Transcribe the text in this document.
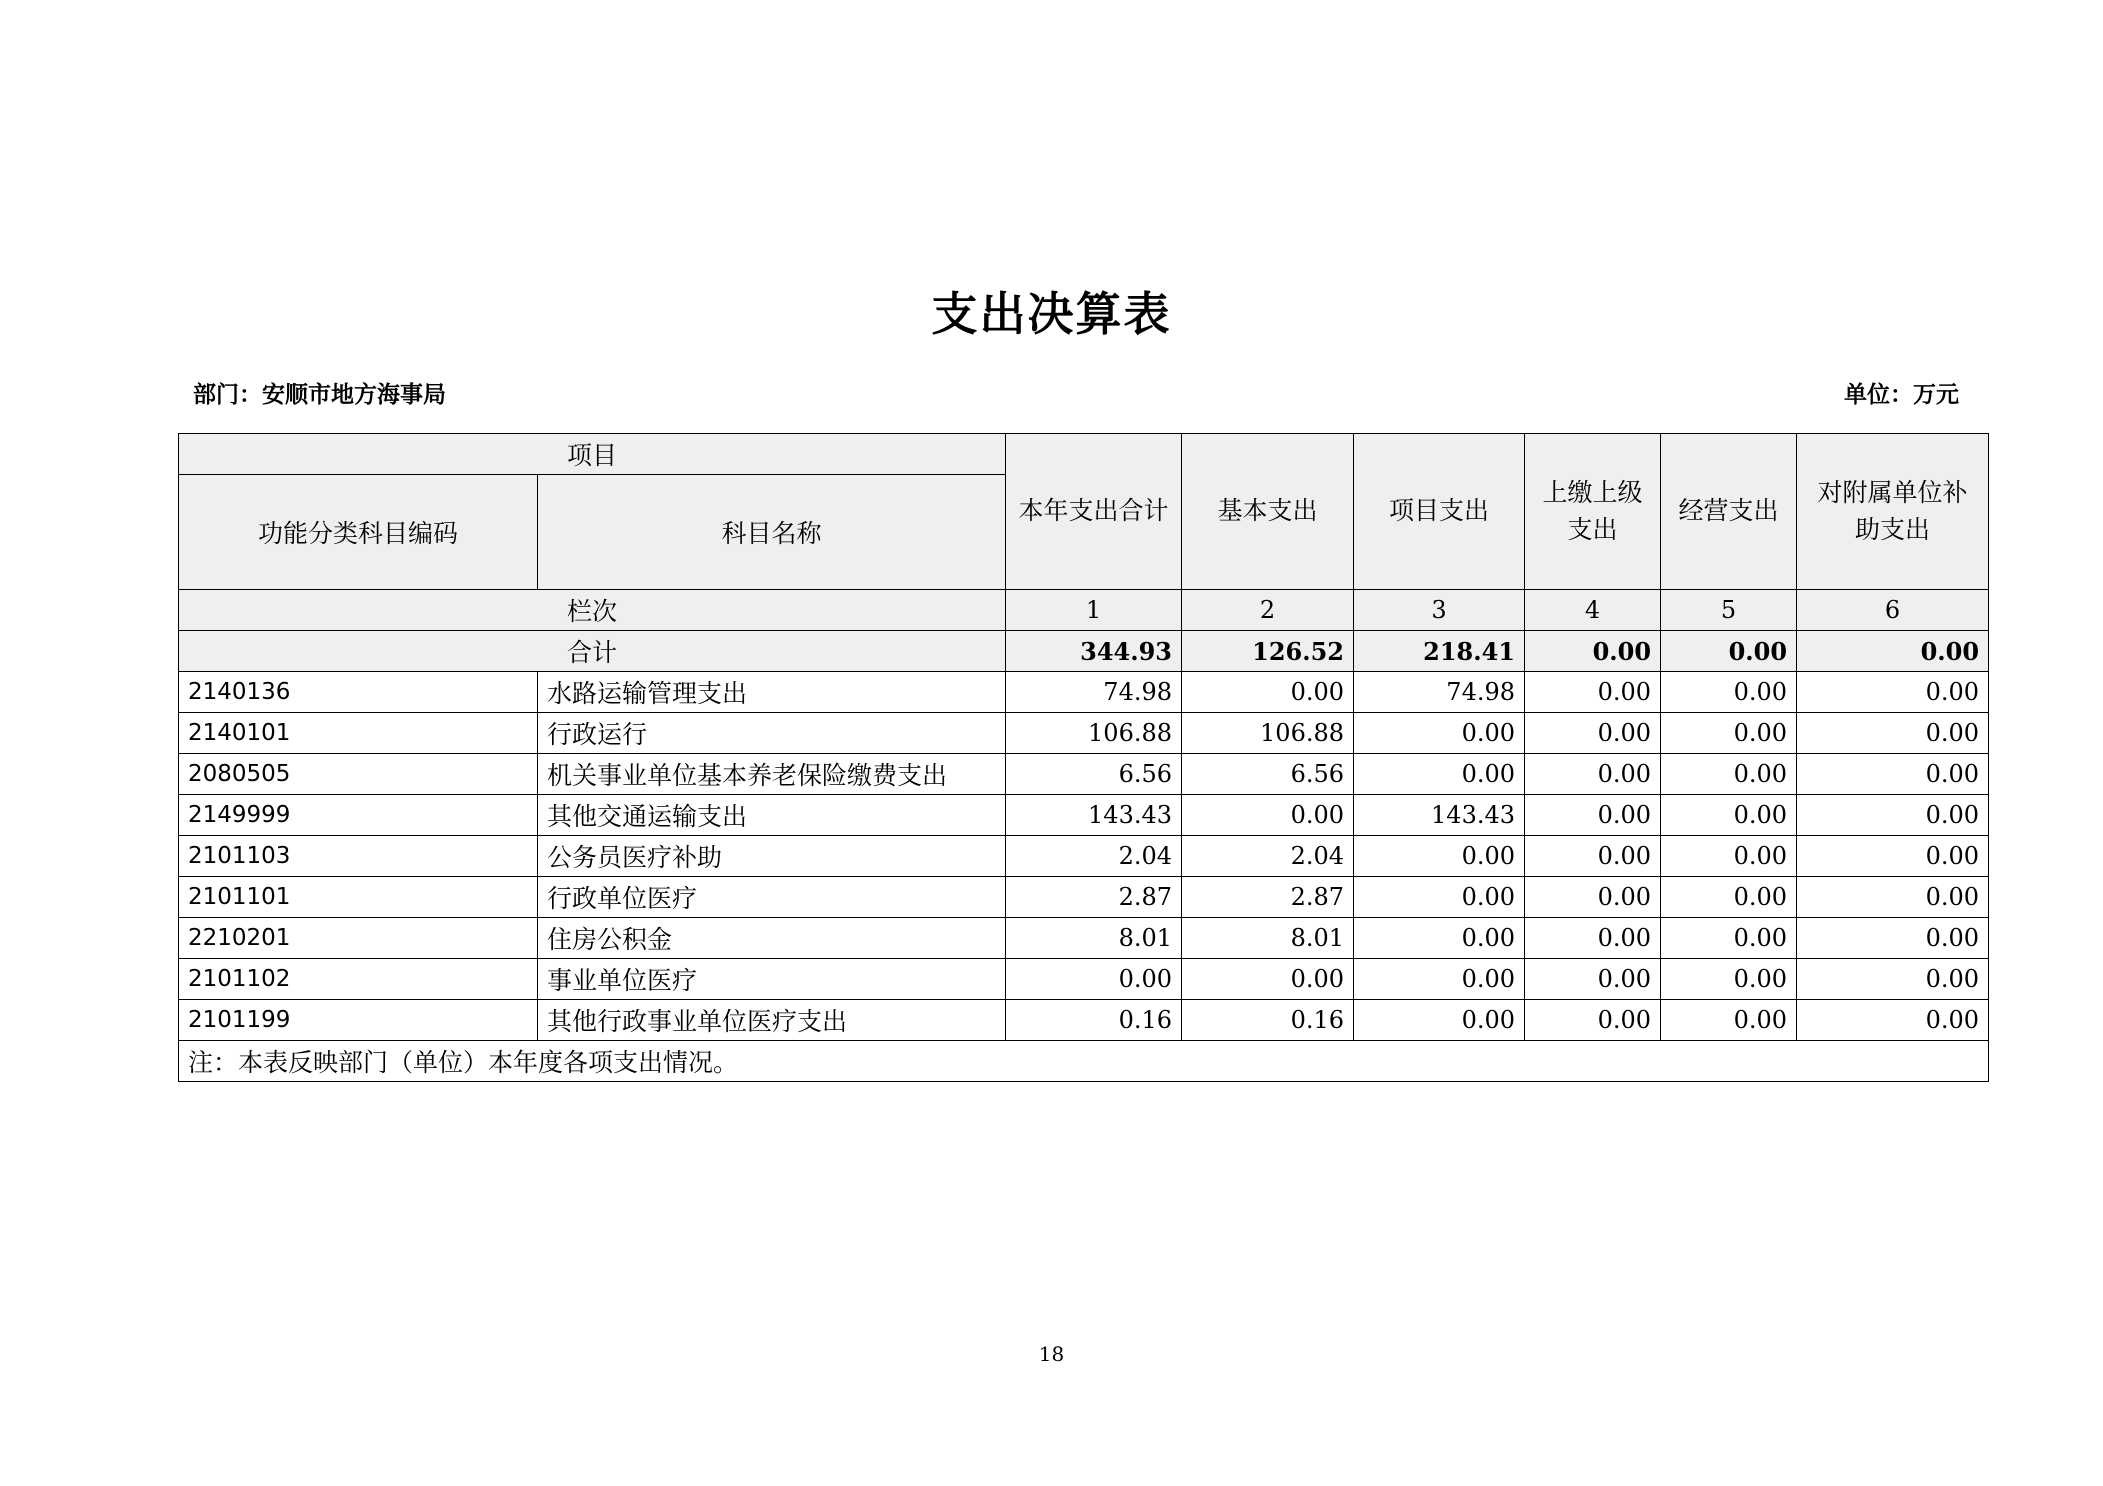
支出决算表
部门：安顺市地方海事局	单位：万元
项目		本年支出合计	基本支出	项目支出	上缴上级支出	经营支出	对附属单位补助支出
功能分类科目编码	科目名称						
栏次		1	2	3	4	5	6
合计		344.93	126.52	218.41	0.00	0.00	0.00
2140136	水路运输管理支出	74.98	0.00	74.98	0.00	0.00	0.00
2140101	行政运行	106.88	106.88	0.00	0.00	0.00	0.00
2080505	机关事业单位基本养老保险缴费支出	6.56	6.56	0.00	0.00	0.00	0.00
2149999	其他交通运输支出	143.43	0.00	143.43	0.00	0.00	0.00
2101103	公务员医疗补助	2.04	2.04	0.00	0.00	0.00	0.00
2101101	行政单位医疗	2.87	2.87	0.00	0.00	0.00	0.00
2210201	住房公积金	8.01	8.01	0.00	0.00	0.00	0.00
2101102	事业单位医疗	0.00	0.00	0.00	0.00	0.00	0.00
2101199	其他行政事业单位医疗支出	0.16	0.16	0.00	0.00	0.00	0.00
注：本表反映部门（单位）本年度各项支出情况。							
18
